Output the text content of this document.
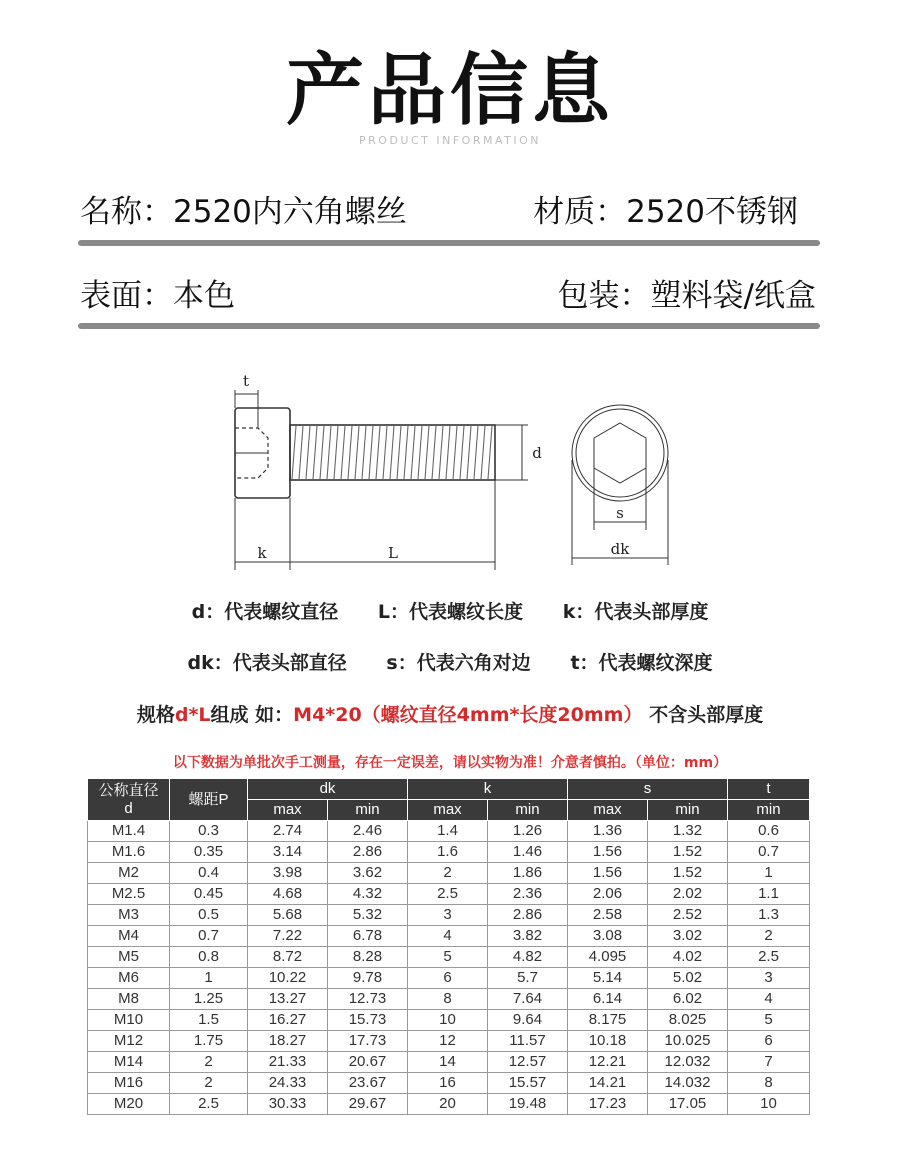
产品信息
PRODUCT INFORMATION
名称：2520内六角螺丝	材质：2520不锈钢
表面：本色	包装：塑料袋/纸盒
t
d
k	L
s
dk
d：代表螺纹直径 L：代表螺纹长度 k：代表头部厚度
dk：代表头部直径 s：代表六角对边 t：代表螺纹深度
规格d*L组成 如：M4*20（螺纹直径4mm*长度20mm） 不含头部厚度
以下数据为单批次手工测量，存在一定误差，请以实物为准！介意者慎拍。（单位：mm）
公称直径
d	螺距P	dk		k		s		t
		max	min	max	min	max	min	min
M1.4	0.3	2.74	2.46	1.4	1.26	1.36	1.32	0.6
M1.6	0.35	3.14	2.86	1.6	1.46	1.56	1.52	0.7
M2	0.4	3.98	3.62	2	1.86	1.56	1.52	1
M2.5	0.45	4.68	4.32	2.5	2.36	2.06	2.02	1.1
M3	0.5	5.68	5.32	3	2.86	2.58	2.52	1.3
M4	0.7	7.22	6.78	4	3.82	3.08	3.02	2
M5	0.8	8.72	8.28	5	4.82	4.095	4.02	2.5
M6	1	10.22	9.78	6	5.7	5.14	5.02	3
M8	1.25	13.27	12.73	8	7.64	6.14	6.02	4
M10	1.5	16.27	15.73	10	9.64	8.175	8.025	5
M12	1.75	18.27	17.73	12	11.57	10.18	10.025	6
M14	2	21.33	20.67	14	12.57	12.21	12.032	7
M16	2	24.33	23.67	16	15.57	14.21	14.032	8
M20	2.5	30.33	29.67	20	19.48	17.23	17.05	10
